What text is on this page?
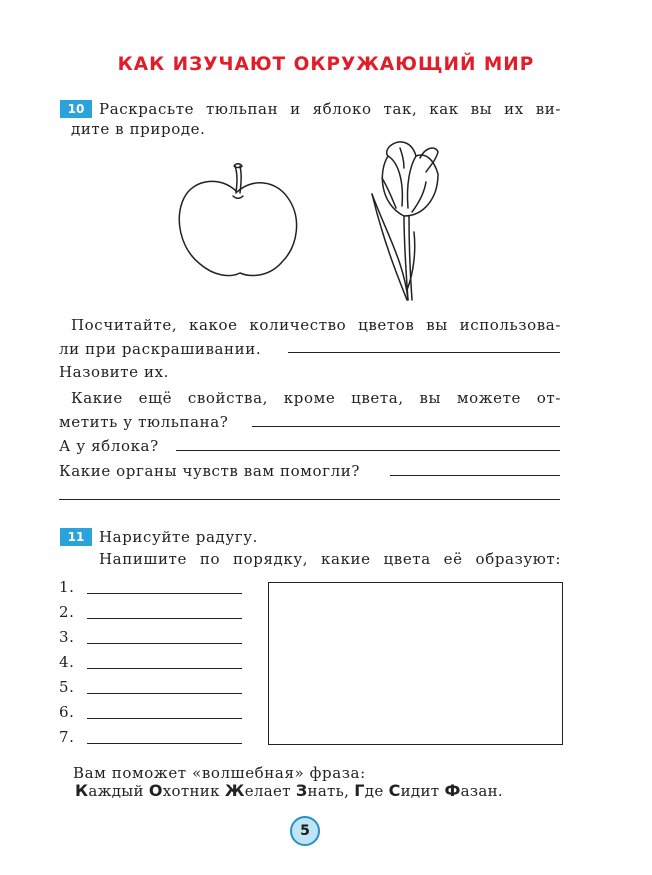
КАК ИЗУЧАЮТ ОКРУЖАЮЩИЙ МИР
10 Раскрасьте тюльпан и яблоко так, как вы их ви-
дите в природе.
Посчитайте, какое количество цветов вы использова-
ли при раскрашивании.
Назовите их.
Какие ещё свойства, кроме цвета, вы можете от-
метить у тюльпана?
А у яблока?
Какие органы чувств вам помогли?
11 Нарисуйте радугу.
Напишите по порядку, какие цвета её образуют:
1.
2.
3.
4.
5.
6.
7.
Вам поможет «волшебная» фраза:
Каждый Охотник Желает Знать, Где Сидит Фазан.
5
